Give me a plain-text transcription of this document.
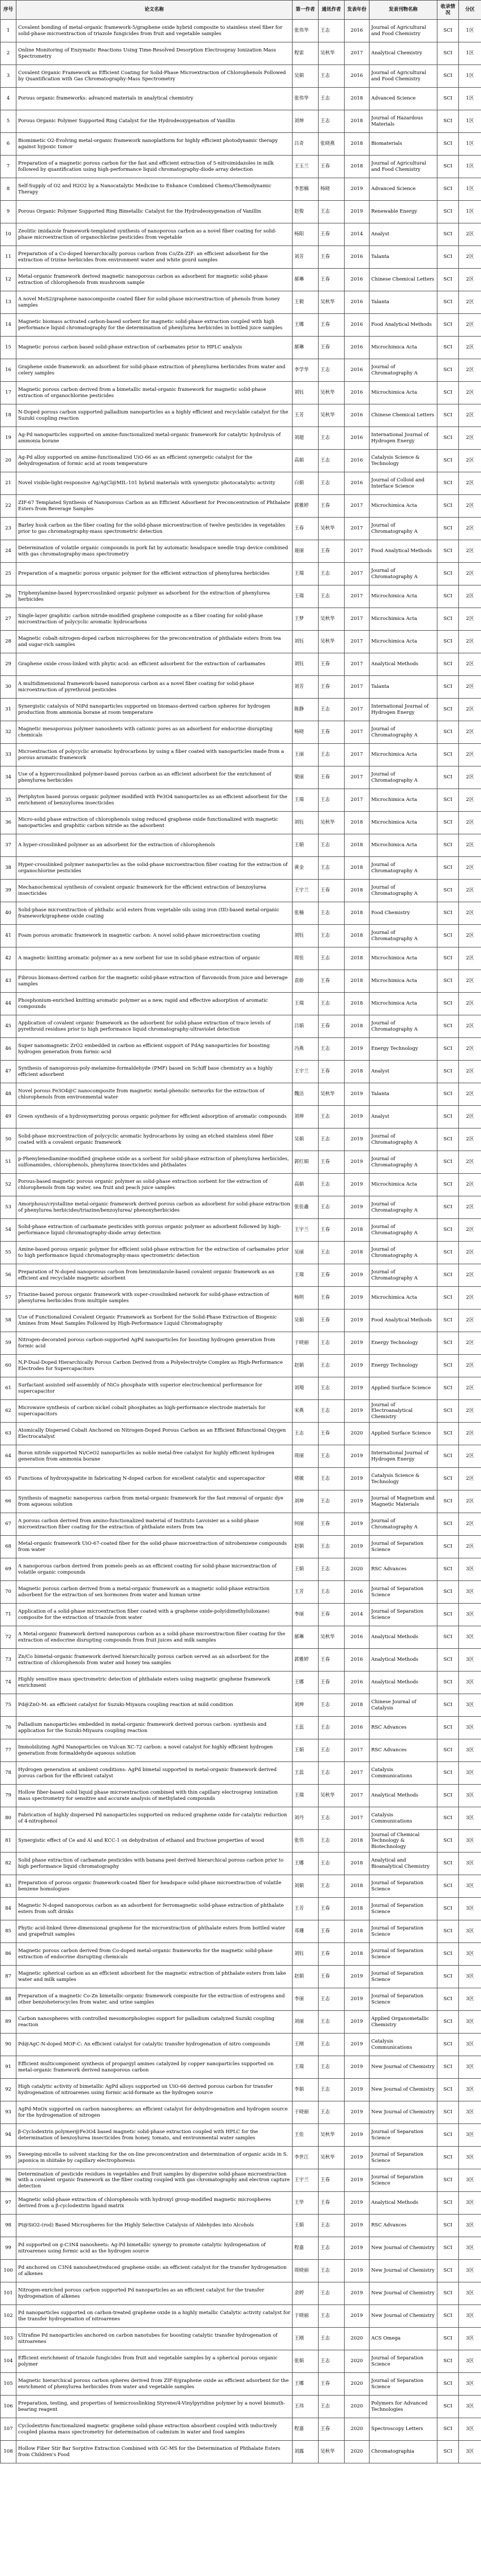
序号	论文名称	第一作者	通讯作者	发表年份	发表刊物名称	收录情况	分区
1	Covalent bonding of metal-organic framework-5/graphene oxide hybrid composite to stainless steel fiber for solid-phase microextraction of triazole fungicides from fruit and vegetable samples	张伟华	王志	2016	Journal of Agricultural and Food Chemistry	SCI	1区
2	Online Monitoring of Enzymatic Reactions Using Time-Resolved Desorption Electrospray Ionization Mass Spectrometry	程雷	吴秋华	2017	Analytical Chemistry	SCI	1区
3	Covalent Organic Framework as Efficient Coating for Solid-Phase Microextraction of Chlorophenols Followed by Quantification with Gas Chromatography-Mass Spectrometry	吴娟	王志	2016	Journal of Agricultural and Food Chemistry	SCI	1区
4	Porous organic frameworks: advanced materials in analytical chemistry	张伟华	王志	2018	Advanced Science	SCI	1区
5	Porous Organic Polymer Supported Ring Catalyst for the Hydrodeoxygenation of Vanillin	刘坤	王志	2018	Journal of Hazardous Materials	SCI	1区
6	Biomimetic O2-Evolving metal-organic framework nanoplatform for highly efficient photodynamic therapy against hypoxic tumor	吕奇	张晓燕	2018	Biomaterials	SCI	1区
7	Preparation of a magnetic porous carbon for the fast and efficient extraction of 5-nitroimidazoles in milk followed by quantification using high-performance liquid chromatography-diode array detection	王玉兰	王春	2018	Journal of Agricultural and Food Chemistry	SCI	1区
8	Self-Supply of O2 and H2O2 by a Nanocatalytic Medicine to Enhance Combined Chemo/Chemodynamic Therapy	李思楠	杨晓	2019	Advanced Science	SCI	1区
9	Porous Organic Polymer Supported Ring Bimetallic Catalyst for the Hydrodeoxygenation of Vanillin	赵俊	王志	2019	Renewable Energy	SCI	1区
10	Zeolitic imidazole framework-templated synthesis of nanoporous carbon as a novel fiber coating for solid-phase microextraction of organochlorine pesticides from vegetable	杨阳	王春	2014	Analyst	SCI	2区
11	Preparation of a Co-doped hierarchically porous carbon from Co/Zn-ZIF: an efficient adsorbent for the extraction of trizine herbicides from environment water and white gourd samples	刘芳	王春	2016	Talanta	SCI	2区
12	Metal-organic framework derived magnetic nanoporous carbon as adsorbent for magnetic solid-phase extraction of chlorophenols from mushroom sample	郝琳	王春	2016	Chinese Chemical Letters	SCI	2区
13	A novel MoS2/graphene nanocomposite coated fiber for solid-phase microextraction of phenols from honey samples	王毅	吴秋华	2016	Talanta	SCI	2区
14	Magnetic biomass activated carbon-based sorbent for magnetic solid-phase extraction coupled with high performance liquid chromatography for the determination of phenylurea herbicides in bottled juice samples	王娜	王春	2016	Food Analytical Methods	SCI	2区
15	Magnetic porous carbon based solid-phase extraction of carbamates prior to HPLC analysis	郝琳	王春	2016	Microchimica Acta	SCI	2区
16	Graphene oxide framework: an adsorbent for solid-phase extraction of phenylurea herbicides from water and celery samples	李学华	王志	2016	Journal of Chromatography A	SCI	2区
17	Magnetic porous carbon derived from a bimetallic metal-organic framework for magnetic solid-phase extraction of organochlorine pesticides	刘钰	吴秋华	2016	Microchimica Acta	SCI	2区
18	N-Doped porous carbon supported palladium nanoparticles as a highly efficient and recyclable catalyst for the Suzuki coupling reaction	王芳	吴秋华	2016	Chinese Chemical Letters	SCI	2区
19	Ag-Pd nanoparticles supported on amine-functionalized metal-organic framework for catalytic hydrolysis of ammonia borane	刘超	王志	2016	International Journal of Hydrogen Energy	SCI	2区
20	Ag-Pd alloy supported on amine-functionalized UiO-66 as an efficient synergetic catalyst for the dehydrogenation of formic acid at room temperature	高娟	王志	2016	Catalysis Science & Technology	SCI	2区
21	Novel visible-light-responsive Ag/AgCl@MIL-101 hybrid materials with synergistic photocatalytic activity	白娟	王志	2016	Journal of Colloid and Interface Science	SCI	2区
22	ZIF-67 Templated Synthesis of Nanoporous Carbon as an Efficient Adsorbent for Preconcentration of Phthalate Esters from Beverage Samples	郭雅婷	王春	2017	Microchimica Acta	SCI	2区
23	Barley husk carbon as the fiber coating for the solid-phase microextraction of twelve pesticides in vegetables prior to gas chromatography-mass spectrometric detection	王春	吴秋华	2017	Journal of Chromatography A	SCI	2区
24	Determination of volatile organic compounds in pork fat by automatic headspace needle trap device combined with gas chromatography-mass spectrometry	聂丽	王春	2017	Food Analytical Methods	SCI	2区
25	Preparation of a magnetic porous organic polymer for the efficient extraction of phenylurea herbicides	王瑞	王志	2017	Journal of Chromatography A	SCI	2区
26	Triphenylamine-based hypercrosslinked organic polymer as adsorbent for the extraction of phenylurea herbicides	王瑞	王志	2017	Microchimica Acta	SCI	2区
27	Single-layer graphitic carbon nitride-modified graphene composite as a fiber coating for solid-phase microextraction of polycyclic aromatic hydrocarbons	王梦	吴秋华	2017	Microchimica Acta	SCI	2区
28	Magnetic cobalt-nitrogen-doped carbon microspheres for the preconcentration of phthalate esters from tea and sugar-rich samples	刘钰	吴秋华	2017	Microchimica Acta	SCI	2区
29	Graphene oxide cross-linked with phytic acid: an efficient adsorbent for the extraction of carbamates	刘钰	王春	2017	Analytical Methods	SCI	2区
30	A multidimensional framework-based nanoporous carbon as a novel fiber coating for solid-phase microextraction of pyrethroid pesticides	刘芳	王春	2017	Talanta	SCI	2区
31	Synergistic catalysis of NiPd nanoparticles supported on biomass-derived carbon spheres for hydrogen production from ammonia borane at room temperature	陈静	王志	2017	International Journal of Hydrogen Energy	SCI	2区
32	Magnetic mesoporous polymer nanosheets with cationic pores as an adsorbent for endocrine disrupting chemicals	杨晓	王春	2017	Journal of Chromatography A	SCI	2区
33	Microextraction of polycyclic aromatic hydrocarbons by using a fiber coated with nanoparticles made from a porous aromatic framework	王丽	王志	2017	Microchimica Acta	SCI	2区
34	Use of a hypercrosslinked polymer-based porous carbon as an efficient adsorbent for the enrichment of phenylurea herbicides	梁丽	王春	2017	Journal of Chromatography A	SCI	2区
35	Periphyton based porous organic polymer modified with Fe3O4 nanoparticles as an efficient adsorbent for the enrichment of benzoylurea insecticides	王瑞	王志	2017	Microchimica Acta	SCI	2区
36	Micro-solid phase extraction of chlorophenols using reduced graphene oxide functionalized with magnetic nanoparticles and graphitic carbon nitride as the adsorbent	刘钰	吴秋华	2018	Microchimica Acta	SCI	2区
37	A hyper-crosslinked polymer as an adsorbent for the extraction of chlorophenols	王娟	王志	2018	Microchimica Acta	SCI	2区
38	Hyper-crosslinked polymer nanoparticles as the solid-phase microextraction fiber coating for the extraction of organochlorine pesticides	黄金	王志	2018	Journal of Chromatography A	SCI	2区
39	Mechanochemical synthesis of covalent organic framework for the efficient extraction of benzoylurea insecticides	王宇兰	王春	2018	Journal of Chromatography A	SCI	2区
40	Solid-phase microextraction of phthalic acid esters from vegetable oils using iron (III)-based metal-organic framework/graphene oxide coating	张楠	王志	2018	Food Chemistry	SCI	2区
41	Foam porous aromatic framework in magnetic carbon: A novel solid-phase microextraction coating	刘钰	王志	2018	Journal of Chromatography A	SCI	2区
42	A magnetic knitting aromatic polymer as a new sorbent for use in solid-phase extraction of organic	周佳	王志	2018	Microchimica Acta	SCI	2区
43	Fibrous biomass-derived carbon for the magnetic solid-phase extraction of flavonoids from juice and beverage samples	袁娇	王春	2018	Microchimica Acta	SCI	2区
44	Phosphonium-enriched knitting aromatic polymer as a new, rapid and effective adsorption of aromatic compounds	王瑞	王志	2018	Microchimica Acta	SCI	2区
45	Application of covalent organic framework as the adsorbent for solid-phase extraction of trace levels of pyrethroid residues prior to high performance liquid chromatography-ultraviolet detection	吕娟	王春	2018	Journal of Chromatography A	SCI	2区
46	Super nanomagnetic ZrO2 embedded in carbon as efficient support of PdAg nanoparticles for boosting hydrogen generation from formic acid	冯燕	王志	2019	Energy Technology	SCI	2区
47	Synthesis of nanoporous-poly-melamine-formaldehyde (PMF) based on Schiff base chemistry as a highly efficient adsorbent	王宇兰	王春	2018	Analyst	SCI	2区
48	Novel porous Fe3O4@C nanocomposite from magnetic metal-phenolic networks for the extraction of chlorophenols from environmental water	魏洁	吴秋华	2019	Talanta	SCI	2区
49	Green synthesis of a hydroxymerizing porous organic polymer for efficient adsorption of aromatic compounds	刘坤	王志	2019	Analyst	SCI	2区
50	Solid-phase microextraction of polycyclic aromatic hydrocarbons by using an etched stainless steel fiber coated with a covalent organic framework	吴娟	王志	2019	Journal of Chromatography A	SCI	2区
51	p-Phenylenediamine-modified graphene oxide as a sorbent for solid-phase extraction of phenylurea herbicides, sulfonamides, chlorophenols, phenylurea insecticides and phthalates	郭红娟	王春	2019	Journal of Chromatography A	SCI	2区
52	Porous-based magnetic porous organic polymer as solid-phase extraction sorbent for the extraction of chlorophenols from tap water, sea fruit and peach juice samples	高娟	王志	2019	Microchimica Acta	SCI	2区
53	Amorphous/crystalline metal-organic framework derived porous carbon as adsorbent for solid-phase extraction of phenylurea herbicides/triazine/benzoylurea/ phenoxyherbicides	张佳鑫	王志	2019	Journal of Chromatography A	SCI	2区
54	Solid-phase extraction of carbamate pesticides with porous organic polymer as adsorbent followed by high-performance liquid chromatography-diode array detection	王宇兰	王春	2018	Journal of Chromatography A	SCI	2区
55	Amine-based porous organic polymer for efficient solid-phase extraction for the extraction of carbamates prior to high performance liquid chromatography-mass spectrometric detection	吴丽	王志	2018	Journal of Chromatography A	SCI	2区
56	Preparation of N-doped nanoporous carbon from benzimidazole-based covalent organic framework as an efficient and recyclable magnetic adsorbent	王瑞	王春	2019	Journal of Chromatography A	SCI	2区
57	Triazine-based porous organic framework with super-crosslinked network for solid-phase extraction of phenylurea herbicides from multiple samples	杨明	王春	2019	Microchimica Acta	SCI	2区
58	Use of Functionalized Covalent Organic Framework as Sorbent for the Solid-Phase Extraction of Biogenic Amines from Meat Samples Followed by High-Performance Liquid Chromatography	吴娟	王春	2019	Food Analytical Methods	SCI	2区
59	Nitrogen-decorated porous carbon-supported AgPd nanoparticles for boosting hydrogen generation from formic acid	于晓丽	王志	2019	Energy Technology	SCI	2区
60	N,P-Dual-Doped Hierarchically Porous Carbon Derived from a Polyelectrolyte Complex as High-Performance Electrodes for Supercapacitors	赵娟	王志	2019	Energy Technology	SCI	2区
61	Surfactant assisted self-assembly of NiCo phosphate with superior electrochemical performance for supercapacitor	刘翔	王志	2019	Applied Surface Science	SCI	2区
62	Microwave synthesis of carbon nickel cobalt phosphates as high-performance electrode materials for supercapacitors	宋燕	王志	2019	Journal of Electroanalytical Chemistry	SCI	2区
63	Atomically Dispersed Cobalt Anchored on Nitrogen-Doped Porous Carbon as an Efficient Bifunctional Oxygen Electrocatalyst	王志	王春	2020	Applied Surface Science	SCI	2区
64	Boron nitride supported Ni/CeO2 nanoparticles as noble metal-free catalyst for highly efficient hydrogen generation from ammonia borane	周丽	王志	2019	International Journal of Hydrogen Energy	SCI	2区
65	Functions of hydroxyapatite in fabricating N-doped carbon for excellent catalytic and supercapacitor	褚敏	王志	2019	Catalysis Science & Technology	SCI	2区
66	Synthesis of magnetic nanoporous carbon from metal-organic framework for the fast removal of organic dye from aqueous solution	刘坤	王志	2019	Journal of Magnetism and Magnetic Materials	SCI	2区
67	A porous carbon derived from amino-functionalized material of Instituto Lavoisier as a solid-phase microextraction fiber coating for the extraction of phthalate esters from tea	何丽	王春	2019	Journal of Chromatography A	SCI	2区
68	Metal-organic framework UiO-67-coated fiber for the solid-phase microextraction of nitrobenzene compounds from water	赵娟	王志	2019	Journal of Separation Science	SCI	2区
69	A nanoporous carbon derived from pomelo peels as an efficient coating for solid-phase microextraction of volatile organic compounds	王娟	王志	2020	RSC Advances	SCI	3区
70	Magnetic porous carbon derived from a metal-organic framework as a magnetic solid-phase extraction adsorbent for the extraction of sex hormones from water and human urine	王芳	王志	2016	Journal of Separation Science	SCI	3区
71	Application of a solid-phase microextraction fiber coated with a graphene oxide-poly(dimethylsiloxane) composite for the extraction of triazole from water	李丽	王春	2014	Journal of Separation Science	SCI	3区
72	A Metal-organic framework derived nanoporous carbon as a solid-phase microextraction fiber coating for the extraction of endocrine disrupting compounds from fruit juices and milk samples	郝琳	吴秋华	2016	Analytical Methods	SCI	3区
73	Zn/Co bimetal-organic framework derived hierarchically porous carbon served as an adsorbent for the extraction of chlorophenols from water and honey tea samples	郭雅婷	王春	2016	Analytical Methods	SCI	3区
74	Highly sensitive mass spectrometric detection of phthalate esters using magnetic graphene framework enrichment	王娜	王春	2016	Analytical Methods	SCI	3区
75	Pd@ZnO-M: an efficient catalyst for Suzuki-Miyaura coupling reaction at mild condition	刘坤	王志	2018	Chinese Journal of Catalysis	SCI	3区
76	Palladium nanoparticles embedded in metal-organic framework derived porous carbon: synthesis and application for the Suzuki-Miyaura coupling reaction	王蕊	王志	2016	RSC Advances	SCI	3区
77	Immobilizing AgPd Nanoparticles on Vulcan XC-72 carbon: a novel catalyst for highly efficient hydrogen generation from formaldehyde aqueous solution	王娟	王志	2017	RSC Advances	SCI	3区
78	Hydrogen generation at ambient conditions: AgPd bimetal supported in metal-organic framework derived porous carbon for the efficient catalyst	王蕊	王志	2017	Catalysis Communications	SCI	3区
79	Hollow fiber-based solid liquid phase microextraction combined with thin capillary electrospray ionization mass spectrometry for sensitive and accurate analysis of methylated compounds	王瑞	吴秋华	2017	Analytical Methods	SCI	3区
80	Fabrication of highly dispersed Pd nanoparticles supported on reduced graphene oxide for catalytic reduction of 4-nitrophenol	刘丹	王志	2017	Catalysis Communications	SCI	3区
81	Synergistic effect of Ce and Al and KCC-1 on dehydration of ethanol and fructose properties of wood	张伟	王志	2018	Journal of Chemical Technology & Biotechnology	SCI	3区
82	Solid phase extraction of carbamate pesticides with banana peel derived hierarchical porous carbon prior to high performance liquid chromatography	王娜	王志	2018	Analytical and Bioanalytical Chemistry	SCI	3区
83	Preparation of porous organic framework-coated fiber for headspace solid-phase microextraction of volatile benzene homologues	刘娟	王志	2018	Journal of Separation Science	SCI	3区
84	Magnetic N-doped nanoporous carbon as an adsorbent for ferromagnetic solid-phase extraction of phthalate esters from soft drinks	王芳	王春	2018	Journal of Separation Science	SCI	3区
85	Phytic acid-linked three-dimensional graphene for the microextraction of phthalate esters from bottled water and grapefruit samples	邓珊	王春	2018	Journal of Separation Science	SCI	3区
86	Magnetic porous carbon derived from Co-doped metal-organic frameworks for the magnetic solid-phase extraction of endocrine disrupting chemicals	刘钰	王春	2018	Journal of Separation Science	SCI	3区
87	Magnetic spherical carbon as an efficient adsorbent for the magnetic extraction of phthalate esters from lake water and milk samples	赵娟	王春	2019	Journal of Separation Science	SCI	3区
88	Preparation of a magnetic Co-Zn bimetallic-organic framework composite for the extraction of estrogens and other benzoheterocycles from water, and urine samples	李丽	王志	2019	Journal of Separation Science	SCI	3区
89	Carbon nanospheres with controlled mesomorphologies support for palladium catalyzed Suzuki coupling reaction	刘丽	王志	2019	Applied Organometallic Chemistry	SCI	3区
90	Pd@AgC-N-doped MOF-C: An efficient catalyst for catalytic transfer hydrogenation of nitro compounds	王刚	王志	2019	Catalysis Communications	SCI	3区
91	Efficient multicomponent synthesis of propargyl amines catalyzed by copper nanoparticles supported on metal-organic framework derived nanoporous carbon	王瑞	王志	2019	New Journal of Chemistry	SCI	3区
92	High catalytic activity of bimetallic AgPd alloys supported on UiO-66 derived porous carbon for transfer hydrogenation of nitroarenes using formic acid-formate as the hydrogen source	李娟	王志	2019	New Journal of Chemistry	SCI	3区
93	AgPd-MnOx supported on carbon nanospheres: an efficient catalyst for dehydrogenation and hydrogen source for the hydrogenation of nitrogen	于晓丽	王志	2019	New Journal of Chemistry	SCI	3区
94	β-Cyclodextrin polymer@Fe3O4 based magnetic solid-phase extraction coupled with HPLC for the determination of benzoylurea insecticides from honey, tomato, and environmental water samples	王佳	吴秋华	2019	Journal of Separation Science	SCI	3区
95	Sweeping-micelle to solvent stacking for the on-line preconcentration and determination of organic acids in S. japonica in shiitake by capillary electrophoresis	李世江	吴秋华	2019	Journal of Separation Science	SCI	3区
96	Determination of pesticide residues in vegetables and fruit samples by dispersive solid-phase microextraction with a covalent organic framework as the fiber coating coupled with gas chromatography and electron capture detection	王宇兰	王春	2019	Journal of Separation Science	SCI	3区
97	Magnetic solid-phase extraction of chlorophenols with hydroxyl group-modified magnetic microspheres derived from a β-cyclodextrin ligand matrix	王华	王春	2019	Analytical Methods	SCI	3区
98	Pt@SiO2-(rod) Based Microspheres for the Highly Selective Catalysis of Aldehydes into Alcohols	王娟	王志	2019	RSC Advances	SCI	3区
99	Pd supported on g-C3N4 nanosheets: Ag-Pd bimetallic synergy to promote catalytic hydrogenation of nitroarenes using formic acid as the hydrogen source	程嘉	王志	2019	New Journal of Chemistry	SCI	3区
100	Pd anchored on C3N4 nanosheet/reduced graphene oxide: an efficient catalyst for the transfer hydrogenation of alkenes	周晓丽	王志	2019	New Journal of Chemistry	SCI	3区
101	Nitrogen-enriched porous carbon supported Pd nanoparticles as an efficient catalyst for the transfer hydrogenation of alkenes	余婷	王志	2019	New Journal of Chemistry	SCI	3区
102	Pd nanoparticles supported on carbon-treated graphene oxide in a highly metallic Catalytic activity catalyst for the transfer hydrogenation of nitroarenes	于晓丽	王志	2019	New Journal of Chemistry	SCI	3区
103	Ultrafine Pd nanoparticles anchored on carbon nanotubes for boosting catalytic transfer hydrogenation of nitroarenes	王刚	王志	2020	ACS Omega	SCI	3区
104	Efficient enrichment of triazole fungicides from fruit and vegetable samples by a spherical porous organic polymer	张娟	王志	2020	Journal of Separation Science	SCI	3区
105	Magnetic hierarchical porous carbon spheres derived from ZIF-8/graphene oxide as efficient adsorbent for the enrichment of phenylurea herbicides from water and vegetable samples	王娜	王春	2020	Journal of Separation Science	SCI	3区
106	Preparation, testing, and properties of hemicrosslinking Styrene/4-Vinylpyridine polymer by a novel bismuth-bearing reagent	王玮	王志	2020	Polymers for Advanced Technologies	SCI	3区
107	Cyclodextrin-functionalized magnetic graphene solid-phase extraction absorbent coupled with inductively coupled plasma mass spectrometry for determination of cadmium in water and food samples	程嘉	王春	2020	Spectroscopy Letters	SCI	3区
108	Hollow Fiber Stir Bar Sorptive Extraction Combined with GC-MS for the Determination of Phthalate Esters from Children's Food	刘露	吴秋华	2020	Chromatographia	SCI	3区
